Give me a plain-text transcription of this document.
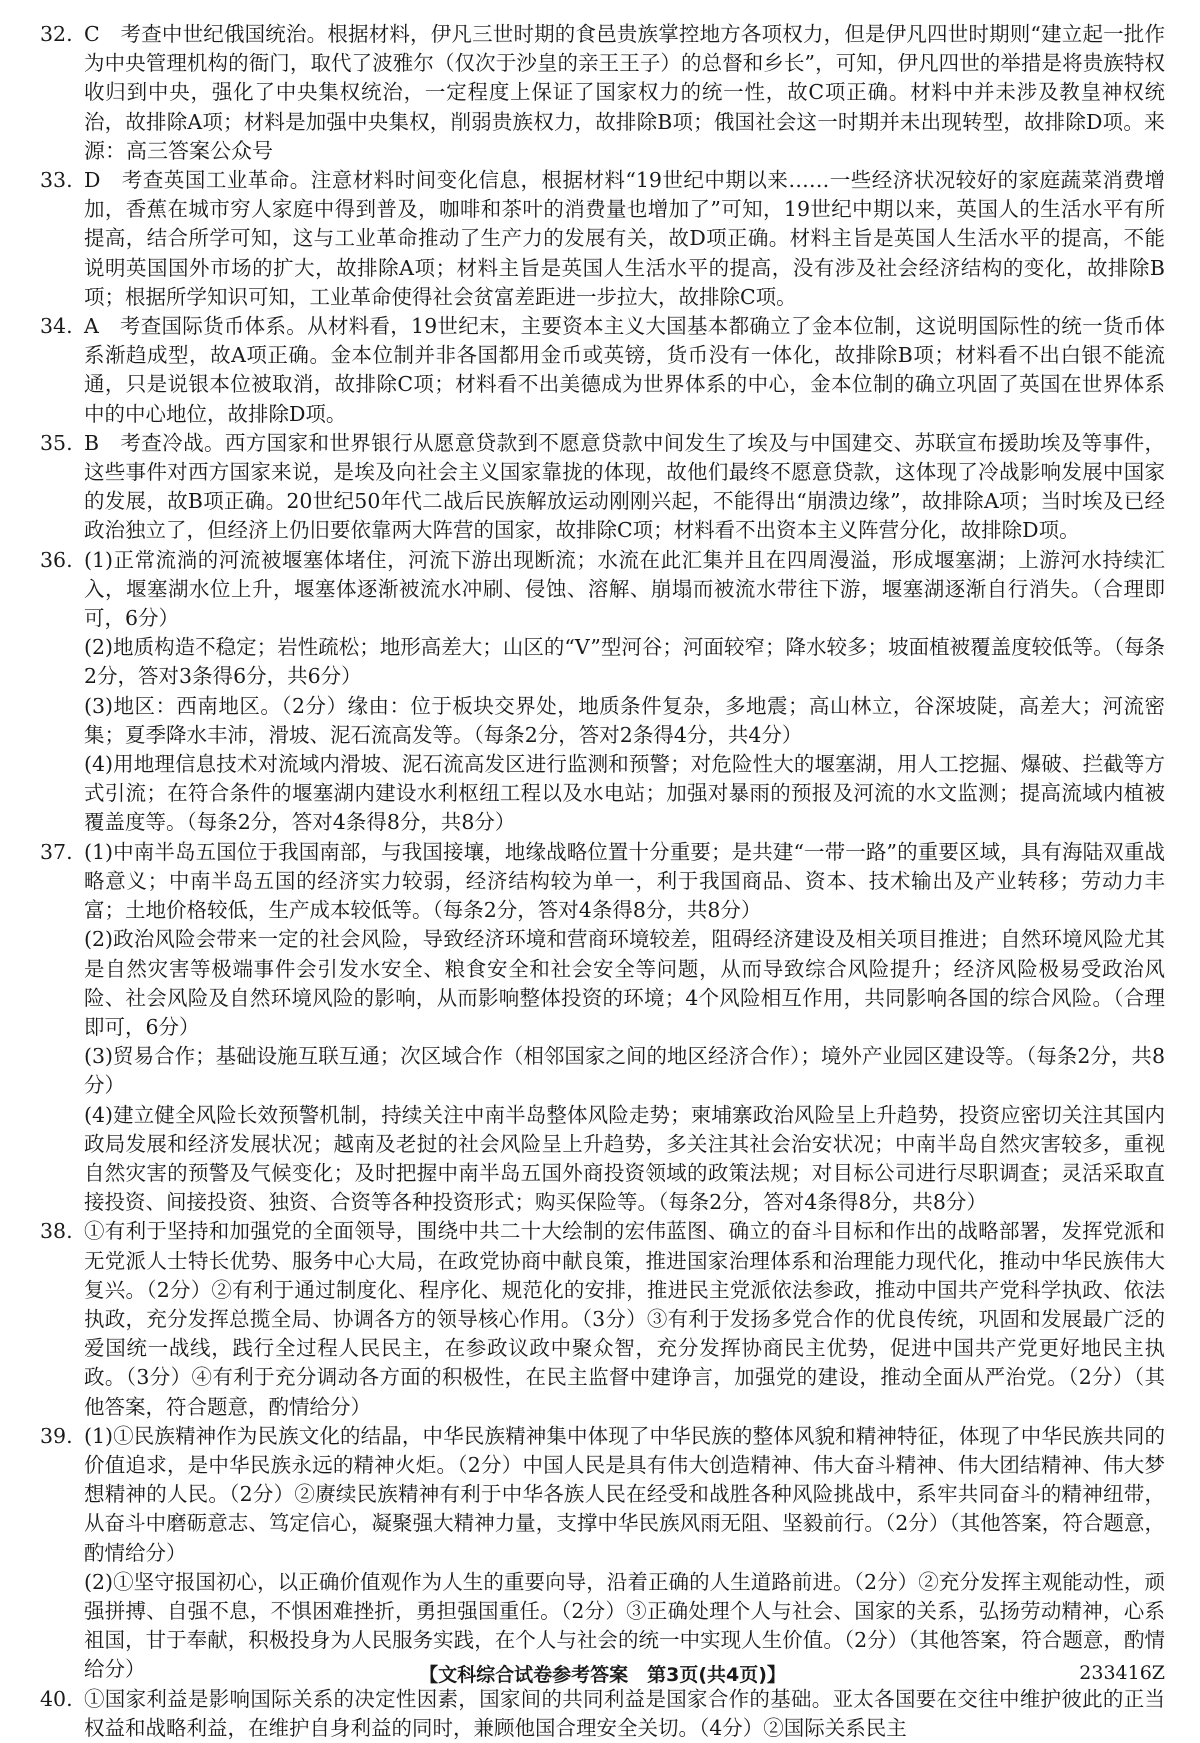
32. C　考查中世纪俄国统治。根据材料，伊凡三世时期的食邑贵族掌控地方各项权力，但是伊凡四世时期则“建立起一批作为中央管理机构的衙门，取代了波雅尔（仅次于沙皇的亲王王子）的总督和乡长”，可知，伊凡四世的举措是将贵族特权收归到中央，强化了中央集权统治，一定程度上保证了国家权力的统一性，故C项正确。材料中并未涉及教皇神权统治，故排除A项；材料是加强中央集权，削弱贵族权力，故排除B项；俄国社会这一时期并未出现转型，故排除D项。来源：高三答案公众号
33. D　考查英国工业革命。注意材料时间变化信息，根据材料“19世纪中期以来……一些经济状况较好的家庭蔬菜消费增加，香蕉在城市穷人家庭中得到普及，咖啡和茶叶的消费量也增加了”可知，19世纪中期以来，英国人的生活水平有所提高，结合所学可知，这与工业革命推动了生产力的发展有关，故D项正确。材料主旨是英国人生活水平的提高，不能说明英国国外市场的扩大，故排除A项；材料主旨是英国人生活水平的提高，没有涉及社会经济结构的变化，故排除B项；根据所学知识可知，工业革命使得社会贫富差距进一步拉大，故排除C项。
34. A　考查国际货币体系。从材料看，19世纪末，主要资本主义大国基本都确立了金本位制，这说明国际性的统一货币体系渐趋成型，故A项正确。金本位制并非各国都用金币或英镑，货币没有一体化，故排除B项；材料看不出白银不能流通，只是说银本位被取消，故排除C项；材料看不出美德成为世界体系的中心，金本位制的确立巩固了英国在世界体系中的中心地位，故排除D项。
35. B　考查冷战。西方国家和世界银行从愿意贷款到不愿意贷款中间发生了埃及与中国建交、苏联宣布援助埃及等事件，这些事件对西方国家来说，是埃及向社会主义国家靠拢的体现，故他们最终不愿意贷款，这体现了冷战影响发展中国家的发展，故B项正确。20世纪50年代二战后民族解放运动刚刚兴起，不能得出“崩溃边缘”，故排除A项；当时埃及已经政治独立了，但经济上仍旧要依靠两大阵营的国家，故排除C项；材料看不出资本主义阵营分化，故排除D项。
36. (1)正常流淌的河流被堰塞体堵住，河流下游出现断流；水流在此汇集并且在四周漫溢，形成堰塞湖；上游河水持续汇入，堰塞湖水位上升，堰塞体逐渐被流水冲刷、侵蚀、溶解、崩塌而被流水带往下游，堰塞湖逐渐自行消失。（合理即可，6分）
(2)地质构造不稳定；岩性疏松；地形高差大；山区的“V”型河谷；河面较窄；降水较多；坡面植被覆盖度较低等。（每条2分，答对3条得6分，共6分）
(3)地区：西南地区。（2分）缘由：位于板块交界处，地质条件复杂，多地震；高山林立，谷深坡陡，高差大；河流密集；夏季降水丰沛，滑坡、泥石流高发等。（每条2分，答对2条得4分，共4分）
(4)用地理信息技术对流域内滑坡、泥石流高发区进行监测和预警；对危险性大的堰塞湖，用人工挖掘、爆破、拦截等方式引流；在符合条件的堰塞湖内建设水利枢纽工程以及水电站；加强对暴雨的预报及河流的水文监测；提高流域内植被覆盖度等。（每条2分，答对4条得8分，共8分）
37. (1)中南半岛五国位于我国南部，与我国接壤，地缘战略位置十分重要；是共建“一带一路”的重要区域，具有海陆双重战略意义；中南半岛五国的经济实力较弱，经济结构较为单一，利于我国商品、资本、技术输出及产业转移；劳动力丰富；土地价格较低，生产成本较低等。（每条2分，答对4条得8分，共8分）
(2)政治风险会带来一定的社会风险，导致经济环境和营商环境较差，阻碍经济建设及相关项目推进；自然环境风险尤其是自然灾害等极端事件会引发水安全、粮食安全和社会安全等问题，从而导致综合风险提升；经济风险极易受政治风险、社会风险及自然环境风险的影响，从而影响整体投资的环境；4个风险相互作用，共同影响各国的综合风险。（合理即可，6分）
(3)贸易合作；基础设施互联互通；次区域合作（相邻国家之间的地区经济合作）；境外产业园区建设等。（每条2分，共8分）
(4)建立健全风险长效预警机制，持续关注中南半岛整体风险走势；柬埔寨政治风险呈上升趋势，投资应密切关注其国内政局发展和经济发展状况；越南及老挝的社会风险呈上升趋势，多关注其社会治安状况；中南半岛自然灾害较多，重视自然灾害的预警及气候变化；及时把握中南半岛五国外商投资领域的政策法规；对目标公司进行尽职调查；灵活采取直接投资、间接投资、独资、合资等各种投资形式；购买保险等。（每条2分，答对4条得8分，共8分）
38. ①有利于坚持和加强党的全面领导，围绕中共二十大绘制的宏伟蓝图、确立的奋斗目标和作出的战略部署，发挥党派和无党派人士特长优势、服务中心大局，在政党协商中献良策，推进国家治理体系和治理能力现代化，推动中华民族伟大复兴。（2分）②有利于通过制度化、程序化、规范化的安排，推进民主党派依法参政，推动中国共产党科学执政、依法执政，充分发挥总揽全局、协调各方的领导核心作用。（3分）③有利于发扬多党合作的优良传统，巩固和发展最广泛的爱国统一战线，践行全过程人民民主，在参政议政中聚众智，充分发挥协商民主优势，促进中国共产党更好地民主执政。（3分）④有利于充分调动各方面的积极性，在民主监督中建诤言，加强党的建设，推动全面从严治党。（2分）（其他答案，符合题意，酌情给分）
39. (1)①民族精神作为民族文化的结晶，中华民族精神集中体现了中华民族的整体风貌和精神特征，体现了中华民族共同的价值追求，是中华民族永远的精神火炬。（2分）中国人民是具有伟大创造精神、伟大奋斗精神、伟大团结精神、伟大梦想精神的人民。（2分）②赓续民族精神有利于中华各族人民在经受和战胜各种风险挑战中，系牢共同奋斗的精神纽带，从奋斗中磨砺意志、笃定信心，凝聚强大精神力量，支撑中华民族风雨无阻、坚毅前行。（2分）（其他答案，符合题意，酌情给分）
(2)①坚守报国初心，以正确价值观作为人生的重要向导，沿着正确的人生道路前进。（2分）②充分发挥主观能动性，顽强拼搏、自强不息，不惧困难挫折，勇担强国重任。（2分）③正确处理个人与社会、国家的关系，弘扬劳动精神，心系祖国，甘于奉献，积极投身为人民服务实践，在个人与社会的统一中实现人生价值。（2分）（其他答案，符合题意，酌情给分）
40. ①国家利益是影响国际关系的决定性因素，国家间的共同利益是国家合作的基础。亚太各国要在交往中维护彼此的正当权益和战略利益，在维护自身利益的同时，兼顾他国合理安全关切。（4分）②国际关系民主
【文科综合试卷参考答案　第3页(共4页)】	233416Z
